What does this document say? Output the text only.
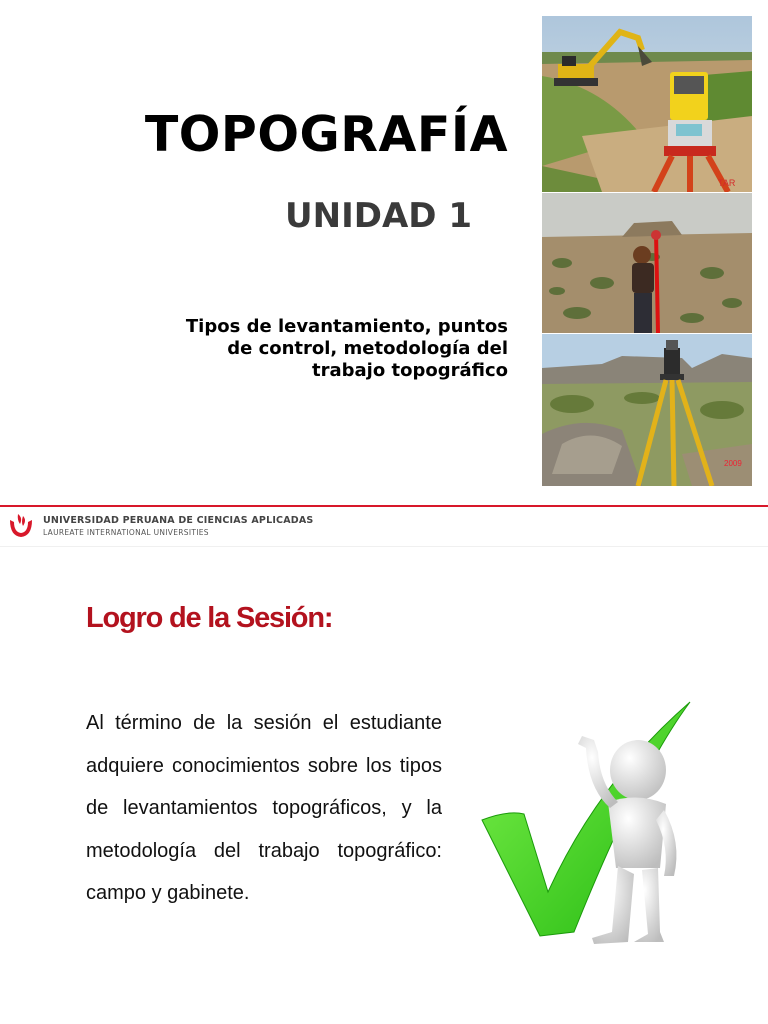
TOPOGRAFÍA
UNIDAD 1

Tipos de levantamiento, puntos
de control, metodología del
trabajo topográfico

TAR
2009
UNIVERSIDAD PERUANA DE CIENCIAS APLICADAS
LAUREATE INTERNATIONAL UNIVERSITIES
Logro de la Sesión:

Al término de la sesión el estudiante adquiere conocimientos sobre los tipos de levantamientos topográficos, y la metodología del trabajo topográfico: campo y gabinete.
